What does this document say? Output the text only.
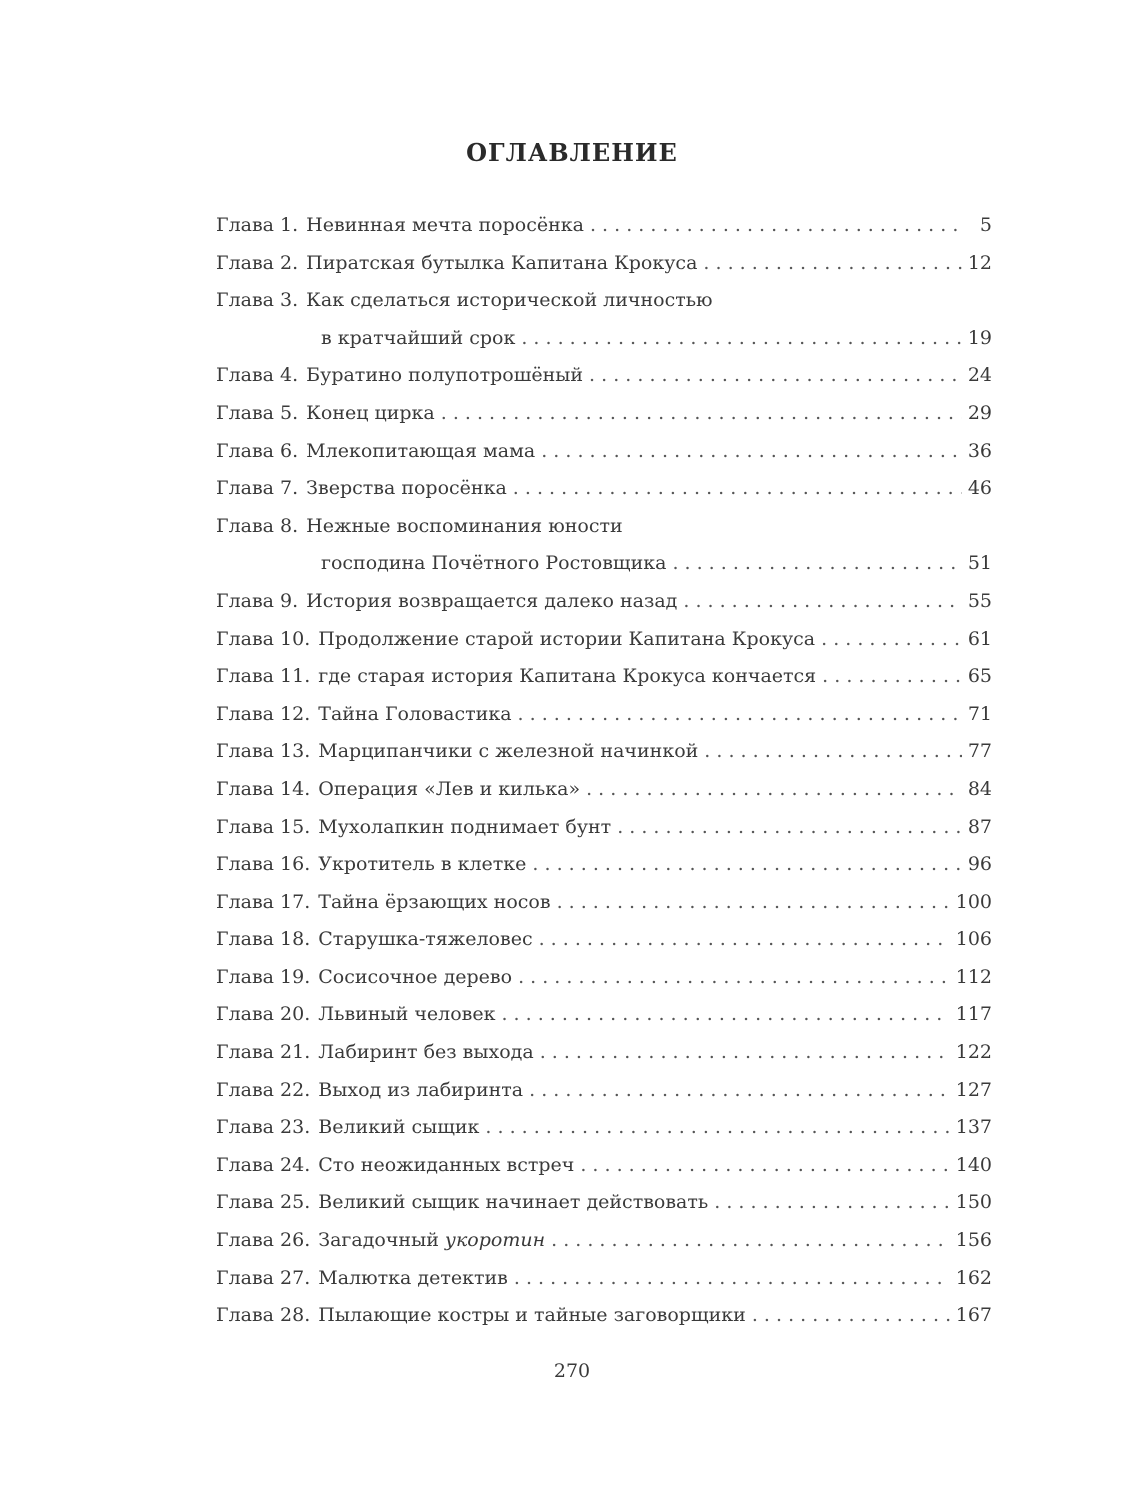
ОГЛАВЛЕНИЕ
Глава 1. Невинная мечта поросёнка . . .	5
Глава 2. Пиратская бутылка Капитана Крокуса . . .	12
Глава 3. Как сделаться исторической личностью
в кратчайший срок . . .	19
Глава 4. Буратино полупотрошёный . . .	24
Глава 5. Конец цирка . . .	29
Глава 6. Млекопитающая мама . . .	36
Глава 7. Зверства поросёнка . . .	46
Глава 8. Нежные воспоминания юности
господина Почётного Ростовщика . . .	51
Глава 9. История возвращается далеко назад . . .	55
Глава 10. Продолжение старой истории Капитана Крокуса . . .	61
Глава 11. где старая история Капитана Крокуса кончается . . .	65
Глава 12. Тайна Головастика . . .	71
Глава 13. Марципанчики с железной начинкой . . .	77
Глава 14. Операция «Лев и килька» . . .	84
Глава 15. Мухолапкин поднимает бунт . . .	87
Глава 16. Укротитель в клетке . . .	96
Глава 17. Тайна ёрзающих носов . . .	100
Глава 18. Старушка-тяжеловес . . .	106
Глава 19. Сосисочное дерево . . .	112
Глава 20. Львиный человек . . .	117
Глава 21. Лабиринт без выхода . . .	122
Глава 22. Выход из лабиринта . . .	127
Глава 23. Великий сыщик . . .	137
Глава 24. Сто неожиданных встреч . . .	140
Глава 25. Великий сыщик начинает действовать . . .	150
Глава 26. Загадочный укоротин . . .	156
Глава 27. Малютка детектив . . .	162
Глава 28. Пылающие костры и тайные заговорщики . . .	167
270
